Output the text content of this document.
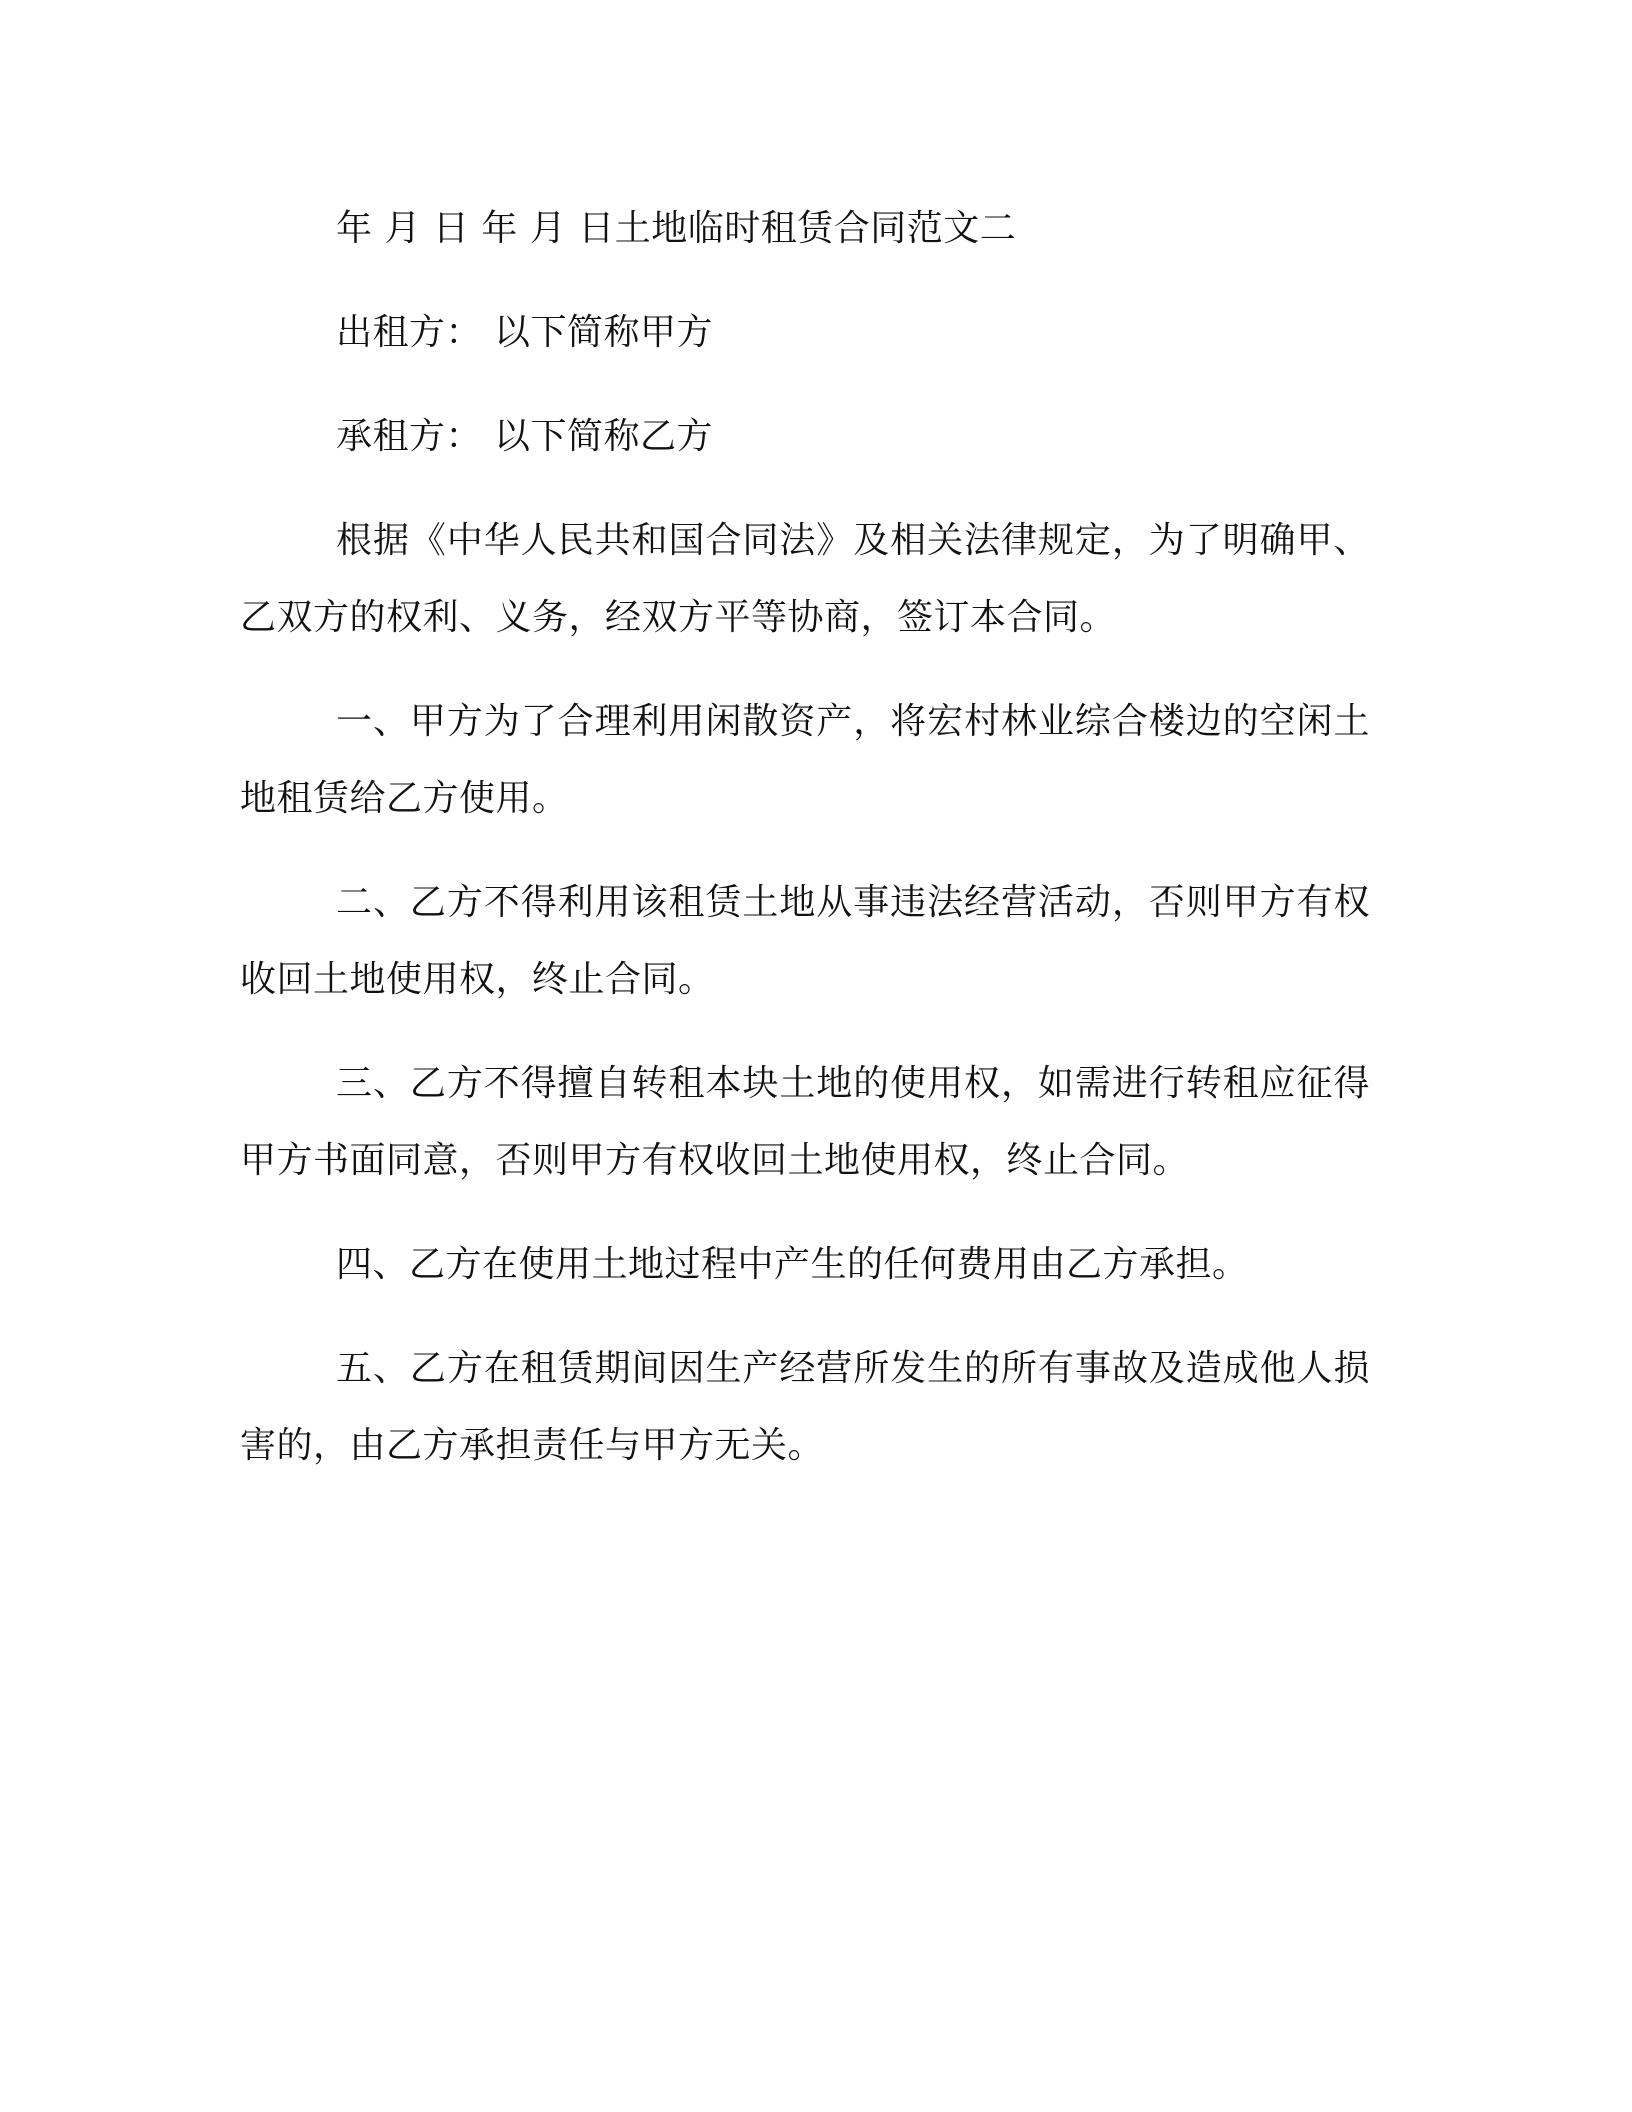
年 月 日 年 月 日土地临时租赁合同范文二

出租方： 以下简称甲方

承租方： 以下简称乙方

根据《中华人民共和国合同法》及相关法律规定，为了明确甲、乙双方的权利、义务，经双方平等协商，签订本合同。

一、甲方为了合理利用闲散资产，将宏村林业综合楼边的空闲土地租赁给乙方使用。

二、乙方不得利用该租赁土地从事违法经营活动，否则甲方有权收回土地使用权，终止合同。

三、乙方不得擅自转租本块土地的使用权，如需进行转租应征得甲方书面同意，否则甲方有权收回土地使用权，终止合同。

四、乙方在使用土地过程中产生的任何费用由乙方承担。

五、乙方在租赁期间因生产经营所发生的所有事故及造成他人损害的，由乙方承担责任与甲方无关。
